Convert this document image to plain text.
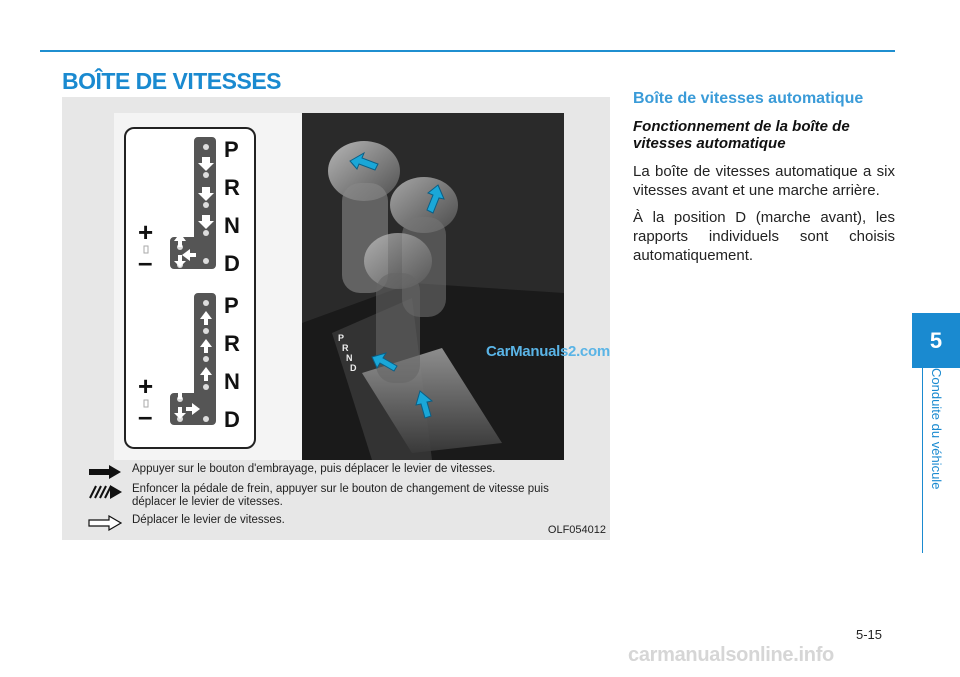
BOÎTE DE VITESSES
P
R
N
D
P
R
N
D
+
–
+
–
P
R
N
D
Appuyer sur le bouton d'embrayage, puis déplacer le levier de vitesses.
Enfoncer la pédale de frein, appuyer sur le bouton de changement de vitesse puis déplacer le levier de vitesses.
Déplacer le levier de vitesses.
OLF054012
CarManuals2.com
Boîte de vitesses automatique
Fonctionnement de la boîte de vitesses automatique

La boîte de vitesses automatique a six vitesses avant et une marche arrière.

À la position D (marche avant), les rapports individuels sont choisis automatiquement.

5
Conduite du véhicule
5-15
carmanualsonline.info
